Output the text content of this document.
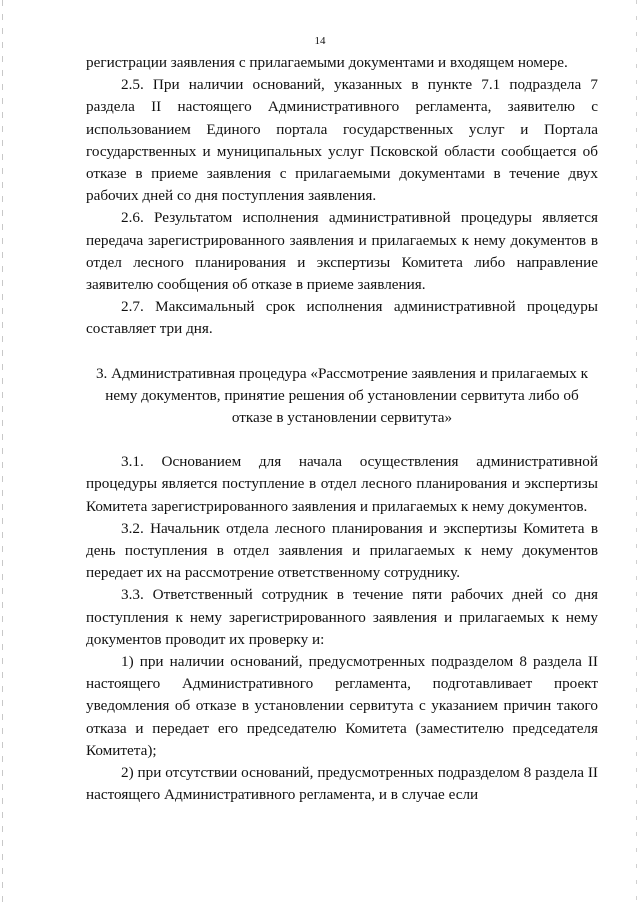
14

регистрации заявления с прилагаемыми документами и входящем номере.

2.5. При наличии оснований, указанных в пункте 7.1 подраздела 7 раздела II настоящего Административного регламента, заявителю с использованием Единого портала государственных услуг и Портала государственных и муниципальных услуг Псковской области сообщается об отказе в приеме заявления с прилагаемыми документами в течение двух рабочих дней со дня поступления заявления.

2.6. Результатом исполнения административной процедуры является передача зарегистрированного заявления и прилагаемых к нему документов в отдел лесного планирования и экспертизы Комитета либо направление заявителю сообщения об отказе в приеме заявления.

2.7. Максимальный срок исполнения административной процедуры составляет три дня.

3. Административная процедура «Рассмотрение заявления и прилагаемых к нему документов, принятие решения об установлении сервитута либо об отказе в установлении сервитута»

3.1. Основанием для начала осуществления административной процедуры является поступление в отдел лесного планирования и экспертизы Комитета зарегистрированного заявления и прилагаемых к нему документов.

3.2. Начальник отдела лесного планирования и экспертизы Комитета в день поступления в отдел заявления и прилагаемых к нему документов передает их на рассмотрение ответственному сотруднику.

3.3. Ответственный сотрудник в течение пяти рабочих дней со дня поступления к нему зарегистрированного заявления и прилагаемых к нему документов проводит их проверку и:

1) при наличии оснований, предусмотренных подразделом 8 раздела II настоящего Административного регламента, подготавливает проект уведомления об отказе в установлении сервитута с указанием причин такого отказа и передает его председателю Комитета (заместителю председателя Комитета);

2) при отсутствии оснований, предусмотренных подразделом 8 раздела II настоящего Административного регламента, и в случае если
